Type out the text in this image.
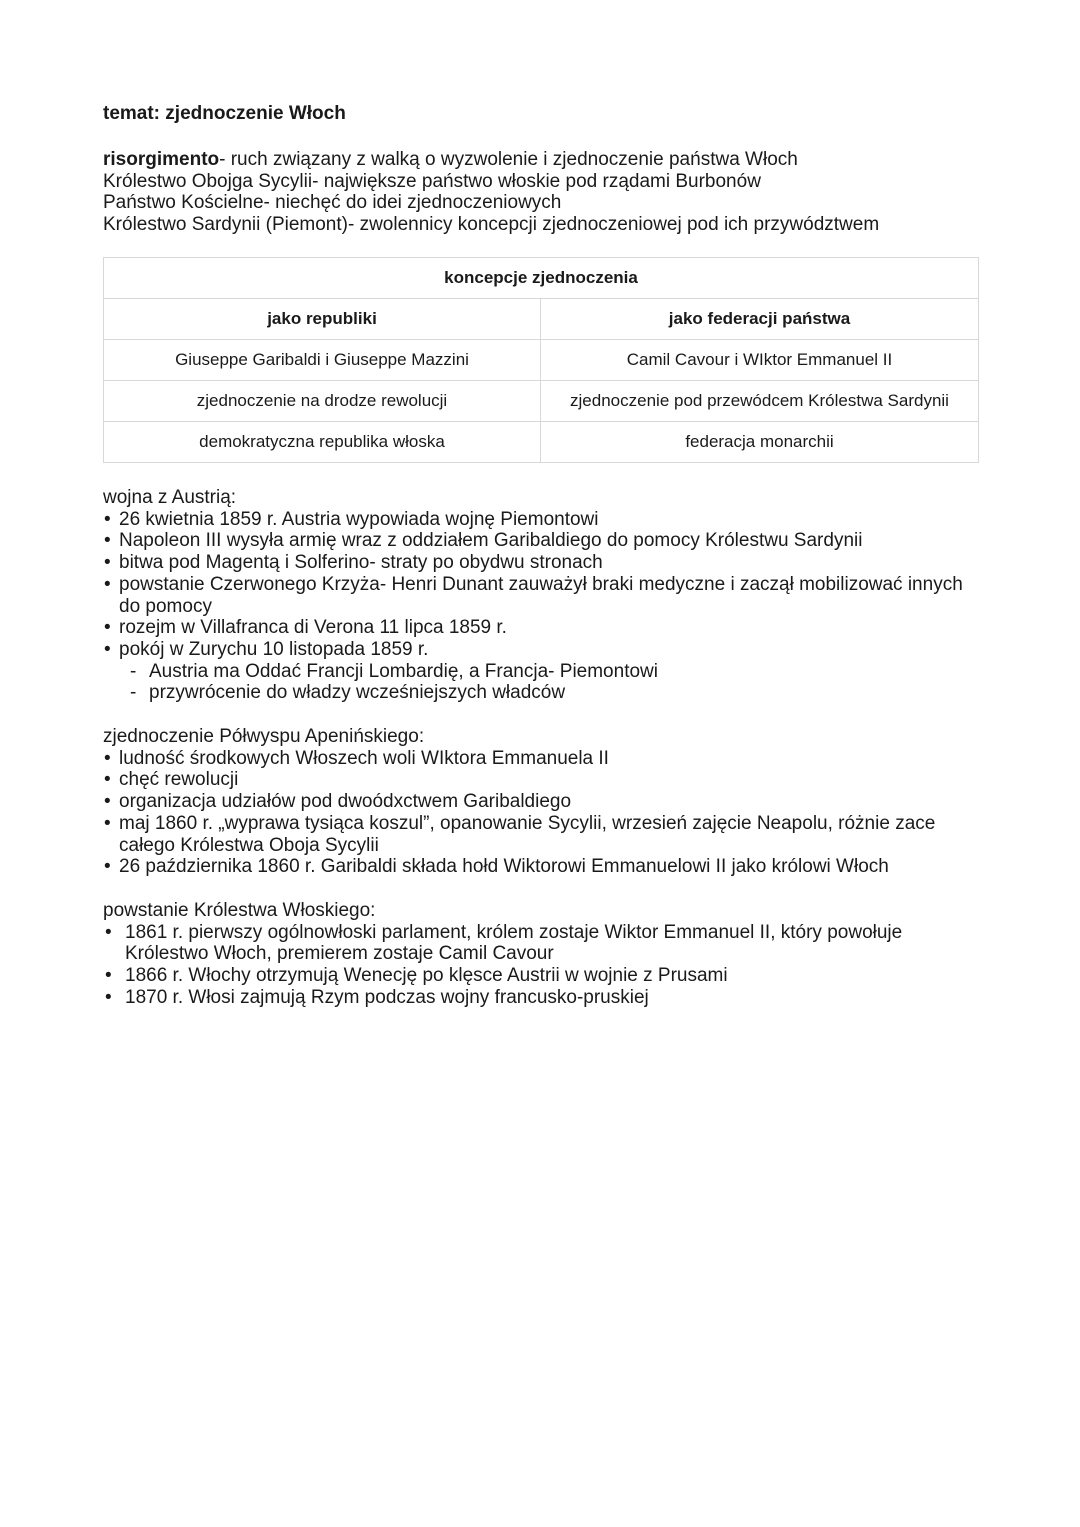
temat: zjednoczenie Włoch

risorgimento- ruch związany z walką o wyzwolenie i zjednoczenie państwa Włoch
Królestwo Obojga Sycylii- największe państwo włoskie pod rządami Burbonów
Państwo Kościelne- niechęć do idei zjednoczeniowych
Królestwo Sardynii (Piemont)- zwolennicy koncepcji zjednoczeniowej pod ich przywództwem
koncepcje zjednoczenia	
jako republiki	jako federacji państwa
Giuseppe Garibaldi i Giuseppe Mazzini	Camil Cavour i WIktor Emmanuel II
zjednoczenie na drodze rewolucji	zjednoczenie pod przewódcem Królestwa Sardynii
demokratyczna republika włoska	federacja monarchii
wojna z Austrią:
• 26 kwietnia 1859 r. Austria wypowiada wojnę Piemontowi
• Napoleon III wysyła armię wraz z oddziałem Garibaldiego do pomocy Królestwu Sardynii
• bitwa pod Magentą i Solferino- straty po obydwu stronach
• powstanie Czerwonego Krzyża- Henri Dunant zauważył braki medyczne i zaczął mobilizować innych do pomocy
• rozejm w Villafranca di Verona 11 lipca 1859 r.
• pokój w Zurychu 10 listopada 1859 r.
- Austria ma Oddać Francji Lombardię, a Francja- Piemontowi
- przywrócenie do władzy wcześniejszych władców
zjednoczenie Półwyspu Apenińskiego:
• ludność środkowych Włoszech woli WIktora Emmanuela II
• chęć rewolucji
• organizacja udziałów pod dwoódxctwem Garibaldiego
• maj 1860 r. „wyprawa tysiąca koszul”, opanowanie Sycylii, wrzesień zajęcie Neapolu, różnie zace całego Królestwa Oboja Sycylii
• 26 października 1860 r. Garibaldi składa hołd Wiktorowi Emmanuelowi II jako królowi Włoch
powstanie Królestwa Włoskiego:
• 1861 r. pierwszy ogólnowłoski parlament, królem zostaje Wiktor Emmanuel II, który powołuje Królestwo Włoch, premierem zostaje Camil Cavour
• 1866 r. Włochy otrzymują Wenecję po klęsce Austrii w wojnie z Prusami
• 1870 r. Włosi zajmują Rzym podczas wojny francusko-pruskiej
